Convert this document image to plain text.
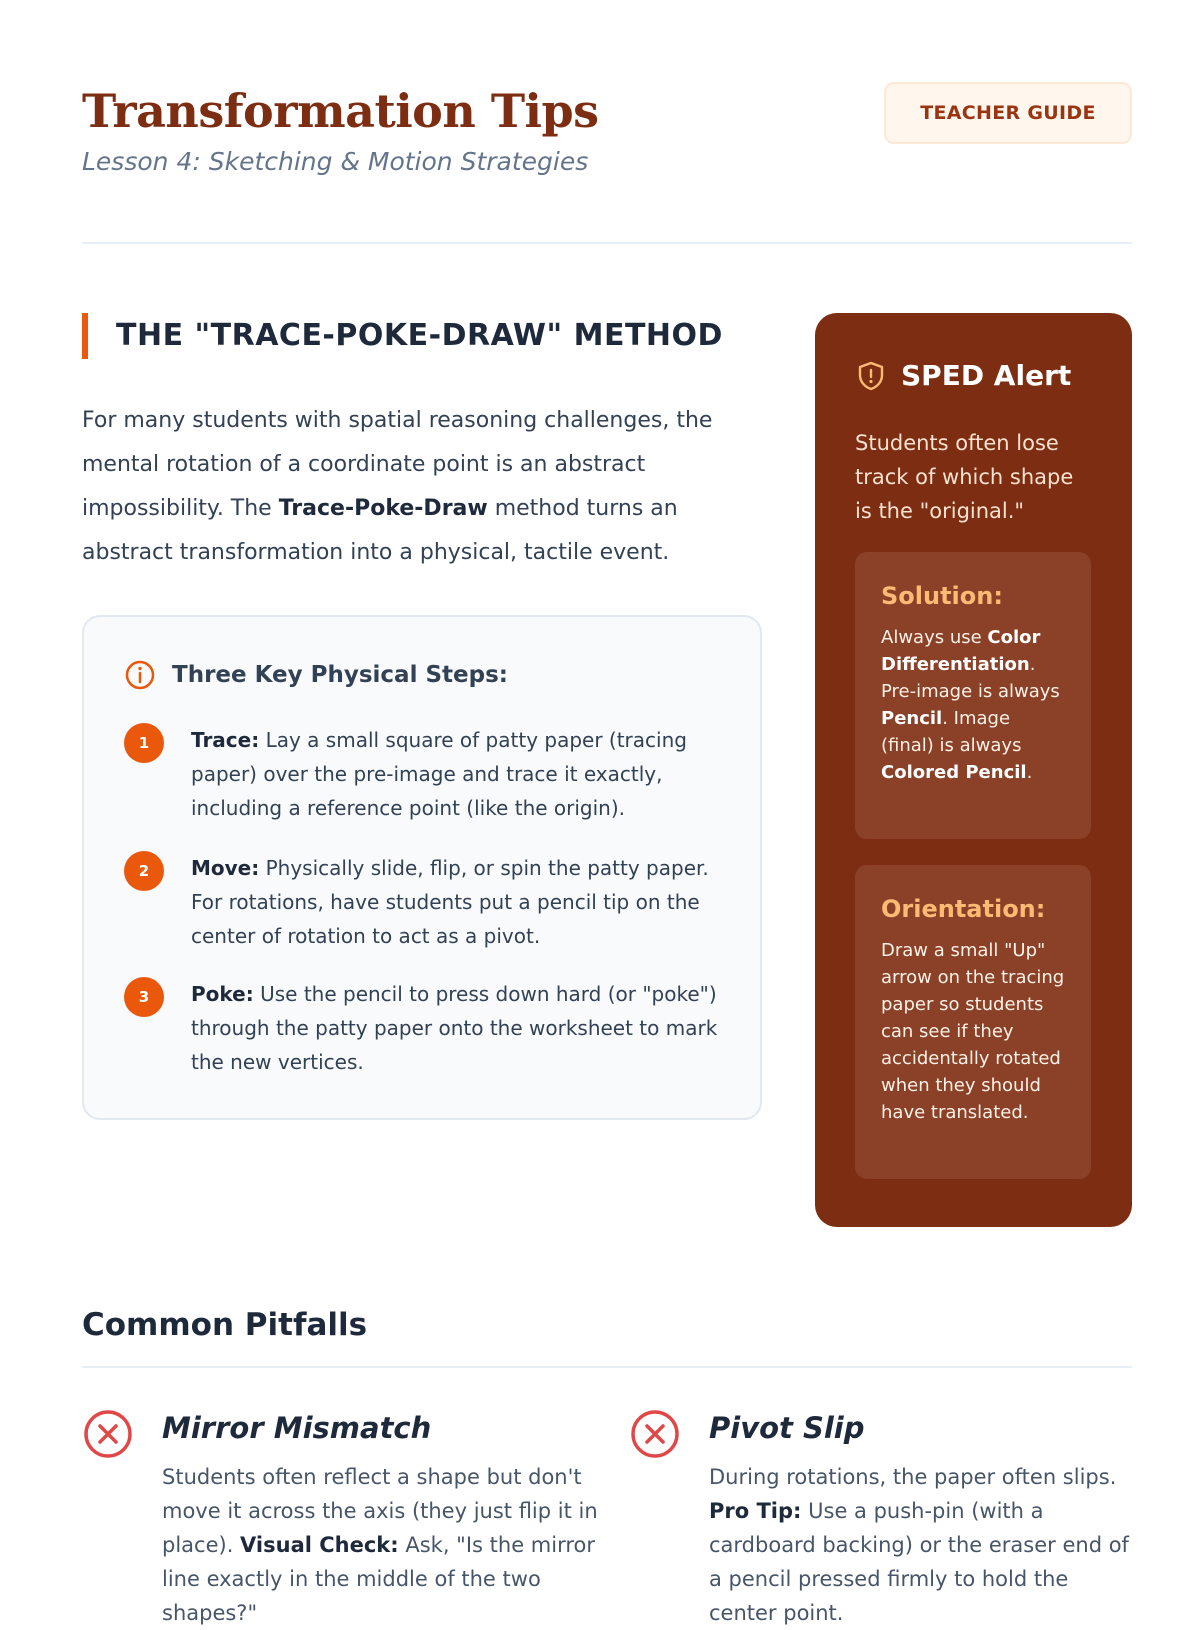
Transformation Tips
Lesson 4: Sketching & Motion Strategies
TEACHER GUIDE
THE "TRACE-POKE-DRAW" METHOD

For many students with spatial reasoning challenges, the mental rotation of a coordinate point is an abstract impossibility. The Trace-Poke-Draw method turns an abstract transformation into a physical, tactile event.

Three Key Physical Steps:
1	Trace: Lay a small square of patty paper (tracing paper) over the pre-image and trace it exactly, including a reference point (like the origin).
2	Move: Physically slide, flip, or spin the patty paper. For rotations, have students put a pencil tip on the center of rotation to act as a pivot.
3	Poke: Use the pencil to press down hard (or "poke") through the patty paper onto the worksheet to mark the new vertices.
SPED Alert

Students often lose track of which shape is the "original."

Solution:
Always use Color Differentiation. Pre-image is always Pencil. Image (final) is always Colored Pencil.
Orientation:
Draw a small "Up" arrow on the tracing paper so students can see if they accidentally rotated when they should have translated.
Common Pitfalls
Mirror Mismatch
Students often reflect a shape but don't move it across the axis (they just flip it in place). Visual Check: Ask, "Is the mirror line exactly in the middle of the two shapes?"
Pivot Slip
During rotations, the paper often slips. Pro Tip: Use a push-pin (with a cardboard backing) or the eraser end of a pencil pressed firmly to hold the center point.
